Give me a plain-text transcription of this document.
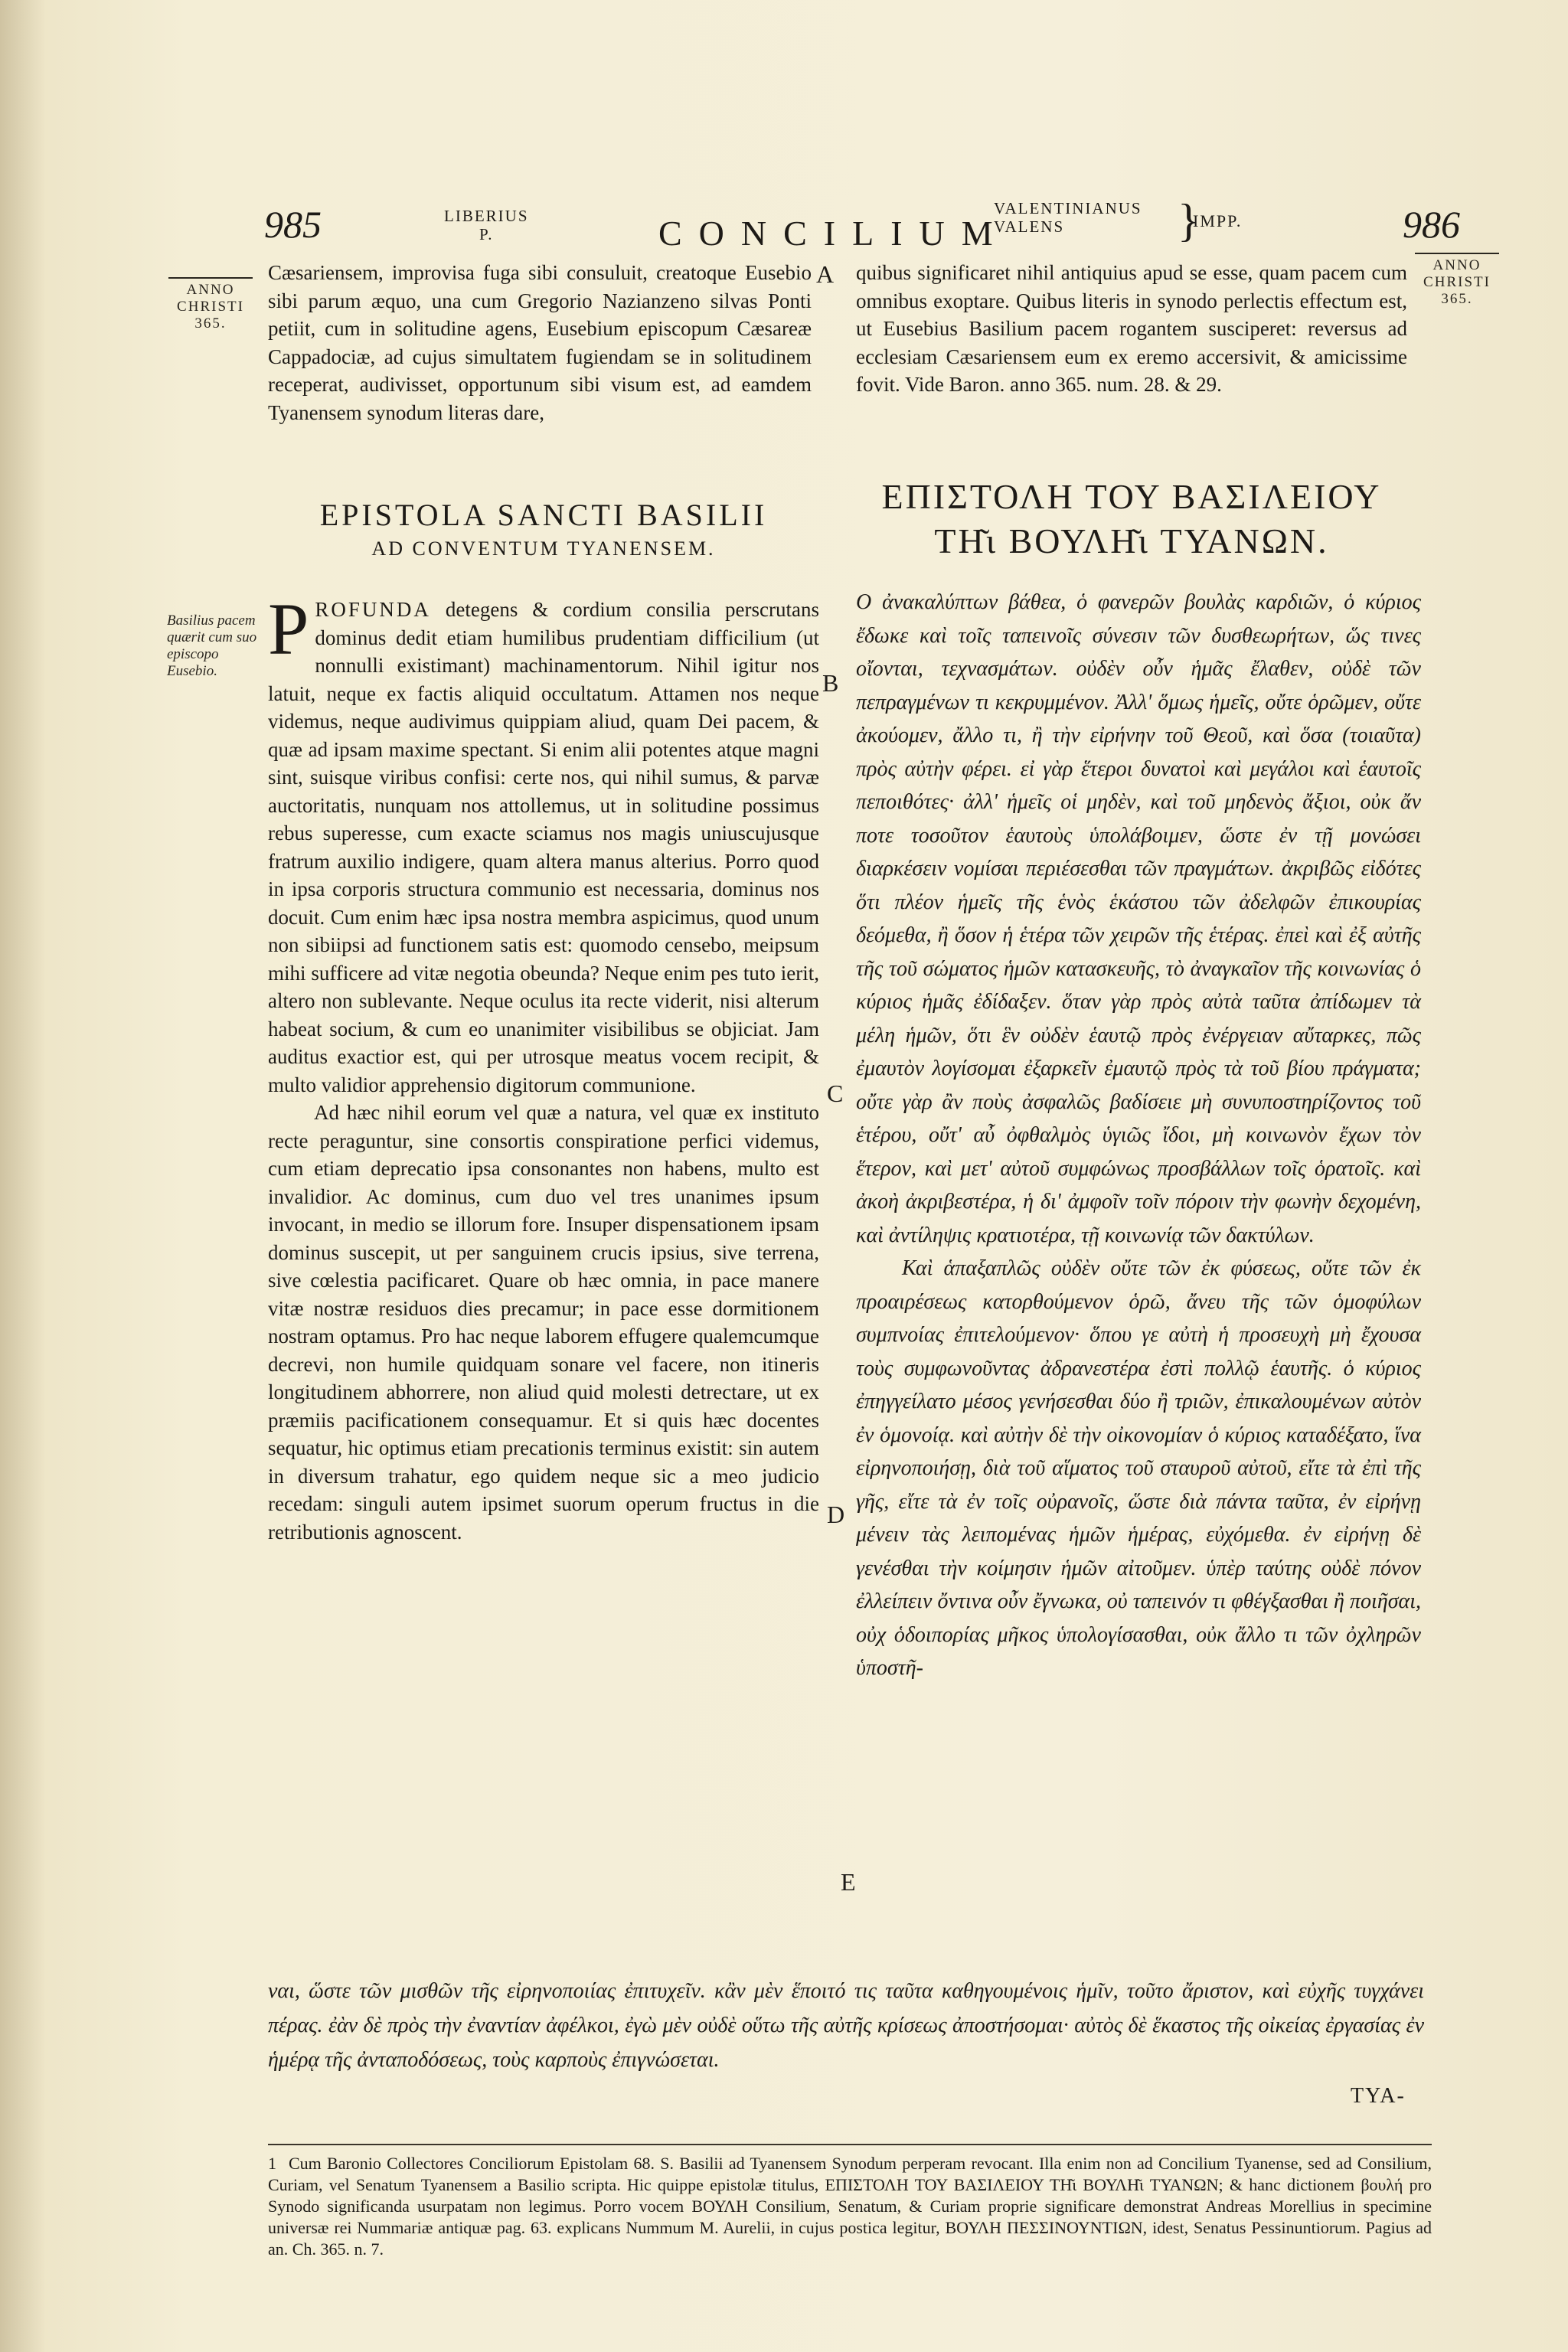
985	LIBERIUS
P.	CONCILIUM
VALENTINIANUS
VALENS	}
IMPP.	986
ANNO
CHRISTI
365.
ANNO
CHRISTI
365.
Basilius pacem quærit cum suo episcopo Eusebio.
A
B
C
D
E
Cæsariensem, improvisa fuga sibi consuluit, creatoque Eusebio sibi parum æquo, una cum Gregorio Nazianzeno silvas Ponti petiit, cum in solitudine agens, Eusebium episcopum Cæsareæ Cappadociæ, ad cujus simultatem fugiendam se in solitudinem receperat, audivisset, opportunum sibi visum est, ad eamdem Tyanensem synodum literas dare,
quibus significaret nihil antiquius apud se esse, quam pacem cum omnibus exoptare. Quibus literis in synodo perlectis effectum est, ut Eusebius Basilium pacem rogantem susciperet: reversus ad ecclesiam Cæsariensem eum ex eremo accersivit, & amicissime fovit. Vide Baron. anno 365. num. 28. & 29.
EPISTOLA SANCTI BASILII
AD CONVENTUM TYANENSEM.
ΕΠΙΣΤΟΛΗ ΤΟΥ ΒΑΣΙΛΕΙΟΥ
ΤΗ͂ι ΒΟΥΛΗ͂ι ΤΥΑΝΩΝ.

PROFUNDA detegens & cordium consilia perscrutans dominus dedit etiam humilibus prudentiam difficilium (ut nonnulli existimant) machinamentorum. Nihil igitur nos latuit, neque ex factis aliquid occultatum. Attamen nos neque videmus, neque audivimus quippiam aliud, quam Dei pacem, & quæ ad ipsam maxime spectant. Si enim alii potentes atque magni sint, suisque viribus confisi: certe nos, qui nihil sumus, & parvæ auctoritatis, nunquam nos attollemus, ut in solitudine possimus rebus superesse, cum exacte sciamus nos magis uniuscujusque fratrum auxilio indigere, quam altera manus alterius. Porro quod in ipsa corporis structura communio est necessaria, dominus nos docuit. Cum enim hæc ipsa nostra membra aspicimus, quod unum non sibiipsi ad functionem satis est: quomodo censebo, meipsum mihi sufficere ad vitæ negotia obeunda? Neque enim pes tuto ierit, altero non sublevante. Neque oculus ita recte viderit, nisi alterum habeat socium, & cum eo unanimiter visibilibus se objiciat. Jam auditus exactior est, qui per utrosque meatus vocem recipit, & multo validior apprehensio digitorum communione.

Ad hæc nihil eorum vel quæ a natura, vel quæ ex instituto recte peraguntur, sine consortis conspiratione perfici videmus, cum etiam deprecatio ipsa consonantes non habens, multo est invalidior. Ac dominus, cum duo vel tres unanimes ipsum invocant, in medio se illorum fore. Insuper dispensationem ipsam dominus suscepit, ut per sanguinem crucis ipsius, sive terrena, sive cœlestia pacificaret. Quare ob hæc omnia, in pace manere vitæ nostræ residuos dies precamur; in pace esse dormitionem nostram optamus. Pro hac neque laborem effugere qualemcumque decrevi, non humile quidquam sonare vel facere, non itineris longitudinem abhorrere, non aliud quid molesti detrectare, ut ex præmiis pacificationem consequamur. Et si quis hæc docentes sequatur, hic optimus etiam precationis terminus existit: sin autem in diversum trahatur, ego quidem neque sic a meo judicio recedam: singuli autem ipsimet suorum operum fructus in die retributionis agnoscent.

Ο ἀνακαλύπτων βάθεα, ὁ φανερῶν βουλὰς καρδιῶν, ὁ κύριος ἔδωκε καὶ τοῖς ταπεινοῖς σύνεσιν τῶν δυσθεωρήτων, ὥς τινες οἴονται, τεχνασμάτων. οὐδὲν οὖν ἡμᾶς ἔλαθεν, οὐδὲ τῶν πεπραγμένων τι κεκρυμμένον. Ἀλλ' ὅμως ἡμεῖς, οὔτε ὁρῶμεν, οὔτε ἀκούομεν, ἄλλο τι, ἢ τὴν εἰρήνην τοῦ Θεοῦ, καὶ ὅσα (τοιαῦτα) πρὸς αὐτὴν φέρει. εἰ γὰρ ἕτεροι δυνατοὶ καὶ μεγάλοι καὶ ἑαυτοῖς πεποιθότες· ἀλλ' ἡμεῖς οἱ μηδὲν, καὶ τοῦ μηδενὸς ἄξιοι, οὐκ ἄν ποτε τοσοῦτον ἑαυτοὺς ὑπολάβοιμεν, ὥστε ἐν τῇ μονώσει διαρκέσειν νομίσαι περιέσεσθαι τῶν πραγμάτων. ἀκριβῶς εἰδότες ὅτι πλέον ἡμεῖς τῆς ἑνὸς ἑκάστου τῶν ἀδελφῶν ἐπικουρίας δεόμεθα, ἢ ὅσον ἡ ἑτέρα τῶν χειρῶν τῆς ἑτέρας. ἐπεὶ καὶ ἐξ αὐτῆς τῆς τοῦ σώματος ἡμῶν κατασκευῆς, τὸ ἀναγκαῖον τῆς κοινωνίας ὁ κύριος ἡμᾶς ἐδίδαξεν. ὅταν γὰρ πρὸς αὐτὰ ταῦτα ἀπίδωμεν τὰ μέλη ἡμῶν, ὅτι ἓν οὐδὲν ἑαυτῷ πρὸς ἐνέργειαν αὔταρκες, πῶς ἐμαυτὸν λογίσομαι ἐξαρκεῖν ἐμαυτῷ πρὸς τὰ τοῦ βίου πράγματα; οὔτε γὰρ ἂν ποὺς ἀσφαλῶς βαδίσειε μὴ συνυποστηρίζοντος τοῦ ἑτέρου, οὔτ' αὖ ὀφθαλμὸς ὑγιῶς ἴδοι, μὴ κοινωνὸν ἔχων τὸν ἕτερον, καὶ μετ' αὐτοῦ συμφώνως προσβάλλων τοῖς ὁρατοῖς. καὶ ἀκοὴ ἀκριβεστέρα, ἡ δι' ἀμφοῖν τοῖν πόροιν τὴν φωνὴν δεχομένη, καὶ ἀντίληψις κρατιοτέρα, τῇ κοινωνίᾳ τῶν δακτύλων.

Καὶ ἁπαξαπλῶς οὐδὲν οὔτε τῶν ἐκ φύσεως, οὔτε τῶν ἐκ προαιρέσεως κατορθούμενον ὁρῶ, ἄνευ τῆς τῶν ὁμοφύλων συμπνοίας ἐπιτελούμενον· ὅπου γε αὐτὴ ἡ προσευχὴ μὴ ἔχουσα τοὺς συμφωνοῦντας ἀδρανεστέρα ἐστὶ πολλῷ ἑαυτῆς. ὁ κύριος ἐπηγγείλατο μέσος γενήσεσθαι δύο ἢ τριῶν, ἐπικαλουμένων αὐτὸν ἐν ὁμονοίᾳ. καὶ αὐτὴν δὲ τὴν οἰκονομίαν ὁ κύριος καταδέξατο, ἵνα εἰρηνοποιήσῃ, διὰ τοῦ αἵματος τοῦ σταυροῦ αὐτοῦ, εἴτε τὰ ἐπὶ τῆς γῆς, εἴτε τὰ ἐν τοῖς οὐρανοῖς, ὥστε διὰ πάντα ταῦτα, ἐν εἰρήνῃ μένειν τὰς λειπομένας ἡμῶν ἡμέρας, εὐχόμεθα. ἐν εἰρήνῃ δὲ γενέσθαι τὴν κοίμησιν ἡμῶν αἰτοῦμεν. ὑπὲρ ταύτης οὐδὲ πόνον ἐλλείπειν ὄντινα οὖν ἔγνωκα, οὐ ταπεινόν τι φθέγξασθαι ἢ ποιῆσαι, οὐχ ὁδοιπορίας μῆκος ὑπολογίσασθαι, οὐκ ἄλλο τι τῶν ὀχληρῶν ὑποστῆ-

ναι, ὥστε τῶν μισθῶν τῆς εἰρηνοποιίας ἐπιτυχεῖν. κἂν μὲν ἕποιτό τις ταῦτα καθηγουμένοις ἡμῖν, τοῦτο ἄριστον, καὶ εὐχῆς τυγχάνει πέρας. ἐὰν δὲ πρὸς τὴν ἐναντίαν ἀφέλκοι, ἐγὼ μὲν οὐδὲ οὕτω τῆς αὐτῆς κρίσεως ἀποστήσομαι· αὐτὸς δὲ ἕκαστος τῆς οἰκείας ἐργασίας ἐν ἡμέρᾳ τῆς ἀνταποδόσεως, τοὺς καρποὺς ἐπιγνώσεται.
TYA-
1 Cum Baronio Collectores Conciliorum Epistolam 68. S. Basilii ad Tyanensem Synodum perperam revocant. Illa enim non ad Concilium Tyanense, sed ad Consilium, Curiam, vel Senatum Tyanensem a Basilio scripta. Hic quippe epistolæ titulus, ΕΠΙΣΤΟΛΗ ΤΟΥ ΒΑΣΙΛΕΙΟΥ ΤΗ͂ι ΒΟΥΛΗ͂ι ΤΥΑΝΩΝ; & hanc dictionem βουλή pro Synodo significanda usurpatam non legimus. Porro vocem ΒΟΥΛΗ Consilium, Senatum, & Curiam proprie significare demonstrat Andreas Morellius in specimine universæ rei Nummariæ antiquæ pag. 63. explicans Nummum M. Aurelii, in cujus postica legitur, ΒΟΥΛΗ ΠΕΣΣΙΝΟΥΝΤΙΩΝ, idest, Senatus Pessinuntiorum. Pagius ad an. Ch. 365. n. 7.
